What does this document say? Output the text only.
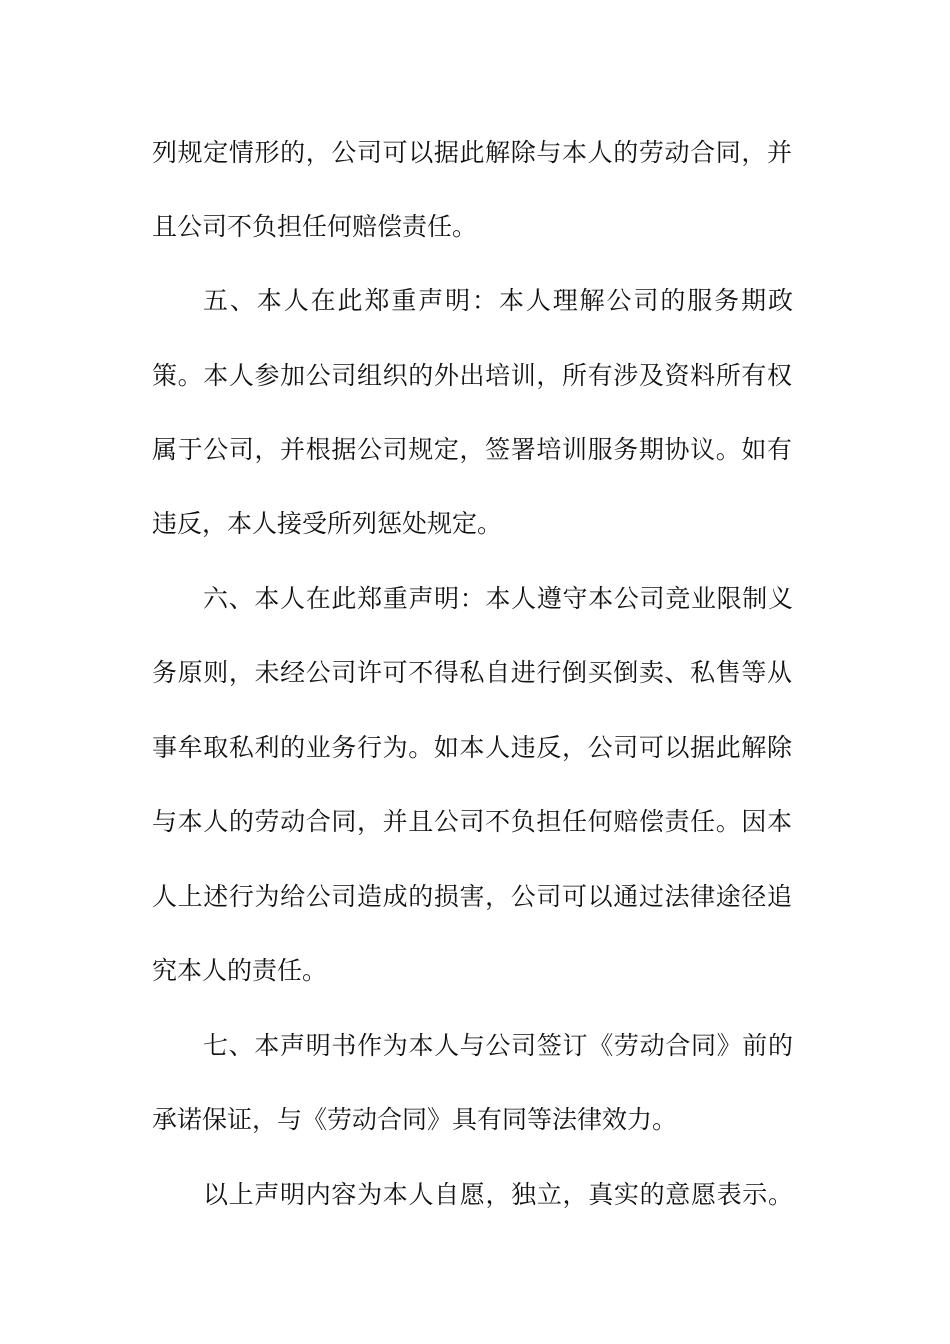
列规定情形的，公司可以据此解除与本人的劳动合同，并
且公司不负担任何赔偿责任。
五、本人在此郑重声明：本人理解公司的服务期政
策。本人参加公司组织的外出培训，所有涉及资料所有权
属于公司，并根据公司规定，签署培训服务期协议。如有
违反，本人接受所列惩处规定。
六、本人在此郑重声明：本人遵守本公司竞业限制义
务原则，未经公司许可不得私自进行倒买倒卖、私售等从
事牟取私利的业务行为。如本人违反，公司可以据此解除
与本人的劳动合同，并且公司不负担任何赔偿责任。因本
人上述行为给公司造成的损害，公司可以通过法律途径追
究本人的责任。
七、本声明书作为本人与公司签订《劳动合同》前的
承诺保证，与《劳动合同》具有同等法律效力。
以上声明内容为本人自愿，独立，真实的意愿表示。
